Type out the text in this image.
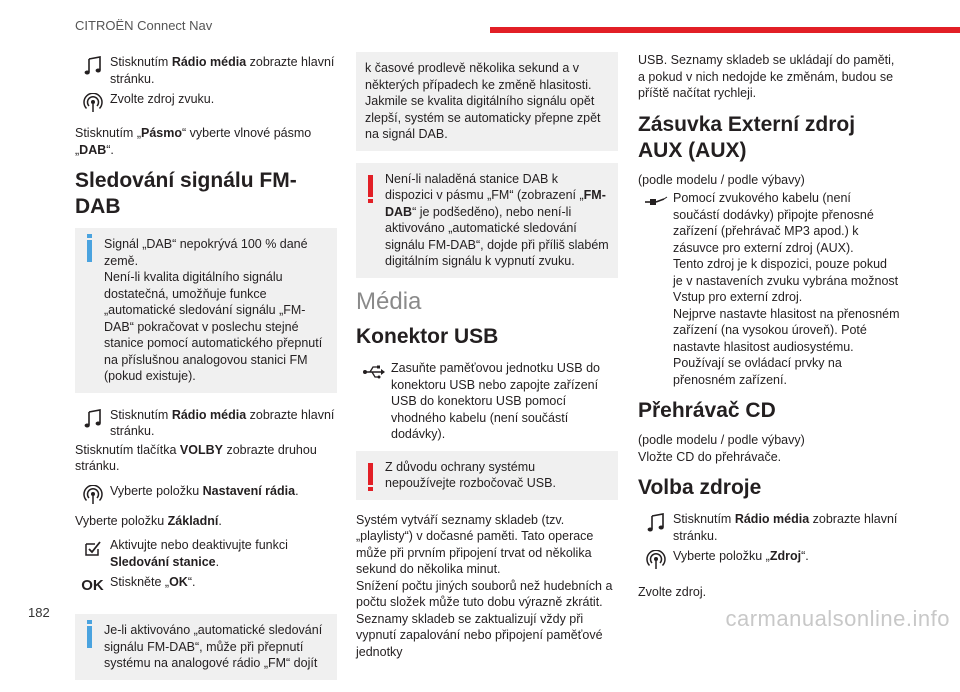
CITROËN Connect Nav
Stisknutím Rádio média zobrazte hlavní stránku.
Zvolte zdroj zvuku.

Stisknutím „Pásmo“ vyberte vlnové pásmo „DAB“.

Sledování signálu FM-DAB
Signál „DAB“ nepokrývá 100 % dané země.
Není-li kvalita digitálního signálu dostatečná, umožňuje funkce „automatické sledování signálu „FM-DAB“ pokračovat v poslechu stejné stanice pomocí automatického přepnutí na příslušnou analogovou stanici FM (pokud existuje).
Stisknutím Rádio média zobrazte hlavní stránku.

Stisknutím tlačítka VOLBY zobrazte druhou stránku.

Vyberte položku Nastavení rádia.

Vyberte položku Základní.

Aktivujte nebo deaktivujte funkci Sledování stanice.
OK Stiskněte „OK“.
Je-li aktivováno „automatické sledování signálu FM-DAB“, může při přepnutí systému na analogové rádio „FM“ dojít
k časové prodlevě několika sekund a v některých případech ke změně hlasitosti. Jakmile se kvalita digitálního signálu opět zlepší, systém se automaticky přepne zpět na signál DAB.
Není-li naladěná stanice DAB k dispozici v pásmu „FM“ (zobrazení „FM-DAB“ je podšeděno), nebo není-li aktivováno „automatické sledování signálu FM-DAB“, dojde při příliš slabém digitálním signálu k vypnutí zvuku.
Média
Konektor USB
Zasuňte paměťovou jednotku USB do konektoru USB nebo zapojte zařízení USB do konektoru USB pomocí vhodného kabelu (není součástí dodávky).
Z důvodu ochrany systému nepoužívejte rozbočovač USB.

Systém vytváří seznamy skladeb (tzv. „playlisty“) v dočasné paměti. Tato operace může při prvním připojení trvat od několika sekund do několika minut.
Snížení počtu jiných souborů než hudebních a počtu složek může tuto dobu výrazně zkrátit.
Seznamy skladeb se zaktualizují vždy při vypnutí zapalování nebo připojení paměťové jednotky

USB. Seznamy skladeb se ukládají do paměti, a pokud v nich nedojde ke změnám, budou se příště načítat rychleji.

Zásuvka Externí zdroj AUX (AUX)
(podle modelu / podle výbavy)
Pomocí zvukového kabelu (není součástí dodávky) připojte přenosné zařízení (přehrávač MP3 apod.) k zásuvce pro externí zdroj (AUX).
Tento zdroj je k dispozici, pouze pokud je v nastaveních zvuku vybrána možnost Vstup pro externí zdroj.
Nejprve nastavte hlasitost na přenosném zařízení (na vysokou úroveň). Poté nastavte hlasitost audiosystému.
Používají se ovládací prvky na přenosném zařízení.
Přehrávač CD

(podle modelu / podle výbavy)
Vložte CD do přehrávače.

Volba zdroje
Stisknutím Rádio média zobrazte hlavní stránku.
Vyberte položku „Zdroj“.

Zvolte zdroj.

182	carmanualsonline.info
